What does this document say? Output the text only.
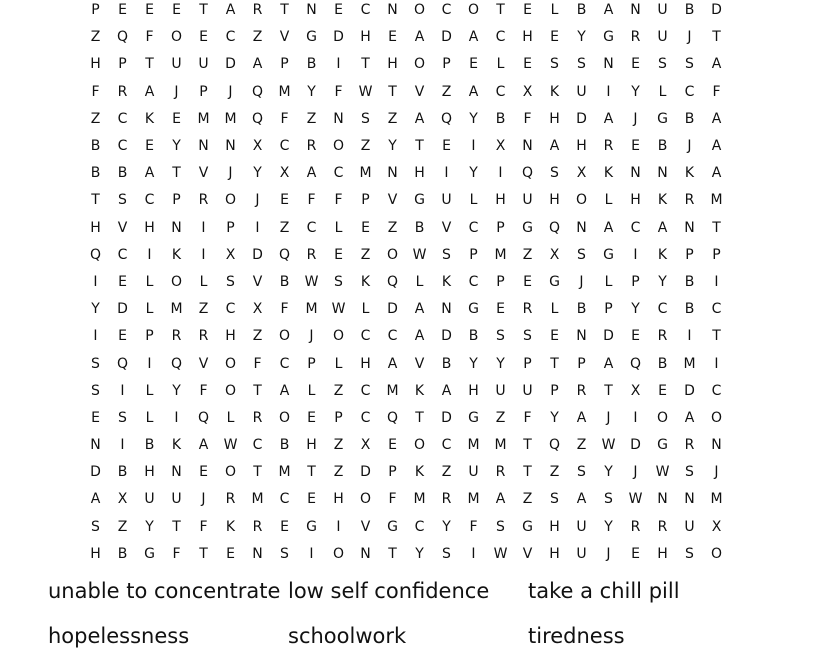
P	E	E	E	T	A	R	T	N	E	C	N	O	C	O	T	E	L	B	A	N	U	B	D
Z	Q	F	O	E	C	Z	V	G	D	H	E	A	D	A	C	H	E	Y	G	R	U	J	T
H	P	T	U	U	D	A	P	B	I	T	H	O	P	E	L	E	S	S	N	E	S	S	A
F	R	A	J	P	J	Q	M	Y	F	W	T	V	Z	A	C	X	K	U	I	Y	L	C	F
Z	C	K	E	M	M	Q	F	Z	N	S	Z	A	Q	Y	B	F	H	D	A	J	G	B	A
B	C	E	Y	N	N	X	C	R	O	Z	Y	T	E	I	X	N	A	H	R	E	B	J	A
B	B	A	T	V	J	Y	X	A	C	M	N	H	I	Y	I	Q	S	X	K	N	N	K	A
T	S	C	P	R	O	J	E	F	F	P	V	G	U	L	H	U	H	O	L	H	K	R	M
H	V	H	N	I	P	I	Z	C	L	E	Z	B	V	C	P	G	Q	N	A	C	A	N	T
Q	C	I	K	I	X	D	Q	R	E	Z	O	W	S	P	M	Z	X	S	G	I	K	P	P
I	E	L	O	L	S	V	B	W	S	K	Q	L	K	C	P	E	G	J	L	P	Y	B	I
Y	D	L	M	Z	C	X	F	M	W	L	D	A	N	G	E	R	L	B	P	Y	C	B	C
I	E	P	R	R	H	Z	O	J	O	C	C	A	D	B	S	S	E	N	D	E	R	I	T
S	Q	I	Q	V	O	F	C	P	L	H	A	V	B	Y	Y	P	T	P	A	Q	B	M	I
S	I	L	Y	F	O	T	A	L	Z	C	M	K	A	H	U	U	P	R	T	X	E	D	C
E	S	L	I	Q	L	R	O	E	P	C	Q	T	D	G	Z	F	Y	A	J	I	O	A	O
N	I	B	K	A	W	C	B	H	Z	X	E	O	C	M	M	T	Q	Z	W	D	G	R	N
D	B	H	N	E	O	T	M	T	Z	D	P	K	Z	U	R	T	Z	S	Y	J	W	S	J
A	X	U	U	J	R	M	C	E	H	O	F	M	R	M	A	Z	S	A	S	W	N	N	M
S	Z	Y	T	F	K	R	E	G	I	V	G	C	Y	F	S	G	H	U	Y	R	R	U	X
H	B	G	F	T	E	N	S	I	O	N	T	Y	S	I	W	V	H	U	J	E	H	S	O
unable to concentrate low self confidence	take a chill pill
hopelessness	schoolwork	tiredness
